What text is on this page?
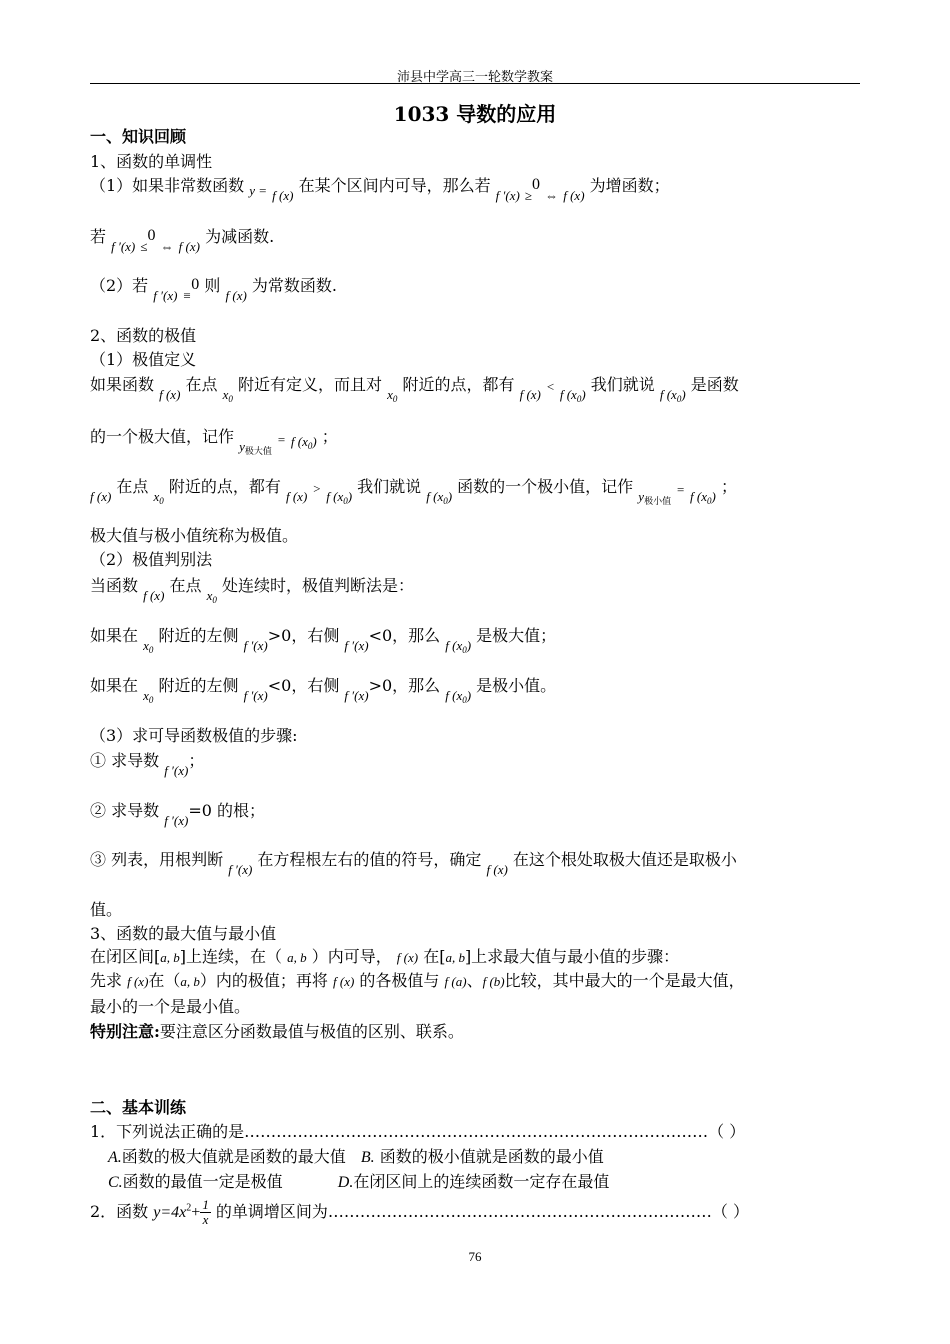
沛县中学高三一轮数学教案
1033 导数的应用
一、知识回顾
1、函数的单调性
（1）如果非常数函数 $_{y =}$ $_{f (x)}$ 在某个区间内可导，那么若 $_{f '(x)}$ $_\ge$0 $_\Leftrightarrow$ $_{f (x)}$ 为增函数；
若 $_{f '(x)}$ $_\le$0 $_\Leftrightarrow$ $_{f (x)}$ 为减函数.
（2）若 $_{f '(x)}$ $_\equiv$0 则 $_{f (x)}$ 为常数函数.
2、函数的极值
（1）极值定义
如果函数 $_{f (x)}$ 在点 $_{x_0}$ 附近有定义，而且对 $_{x_0}$ 附近的点，都有 $_{f (x)}$ < $_{f (x_0)}$ 我们就说 $_{f (x_0)}$ 是函数
的一个极大值，记作 $_{y_{极大值}}$ = $_{f (x_0)}$ ；
$_{f (x)}$ 在点 $_{x_0}$ 附近的点，都有 $_{f (x)}$ > $_{f (x_0)}$ 我们就说 $_{f (x_0)}$ 函数的一个极小值，记作 $_{y_{极小值}}$ = $_{f (x_0)}$ ；
极大值与极小值统称为极值。
（2）极值判别法
当函数 $_{f (x)}$ 在点 $_{x_0}$ 处连续时，极值判断法是：
如果在 $_{x_0}$ 附近的左侧 $_{f '(x)}$>0，右侧 $_{f '(x)}$<0，那么 $_{f (x_0)}$ 是极大值；
如果在 $_{x_0}$ 附近的左侧 $_{f '(x)}$<0，右侧 $_{f '(x)}$>0，那么 $_{f (x_0)}$ 是极小值。
（3）求可导函数极值的步骤:
① 求导数 $_{f '(x)}$；
② 求导数 $_{f '(x)}$=0 的根；
③ 列表，用根判断 $_{f '(x)}$ 在方程根左右的值的符号，确定 $_{f (x)}$ 在这个根处取极大值还是取极小
值。
3、函数的最大值与最小值
在闭区间[a, b]上连续，在（ a, b ）内可导， f (x) 在[a, b]上求最大值与最小值的步骤：
先求 f (x)在（a, b）内的极值；再将 f (x) 的各极值与 f (a)、f (b)比较，其中最大的一个是最大值，
最小的一个是最小值。
特别注意:要注意区分函数最值与极值的区别、联系。
二、基本训练
1．下列说法正确的是……………………………………………………………………………（ ）
A.函数的极大值就是函数的最大值 B. 函数的极小值就是函数的最小值
C.函数的最值一定是极值	D.在闭区间上的连续函数一定存在最值
2．函数 $y=4x^2+ \frac{1}{x}$ 的单调增区间为………………………………………………………………（ ）
76
